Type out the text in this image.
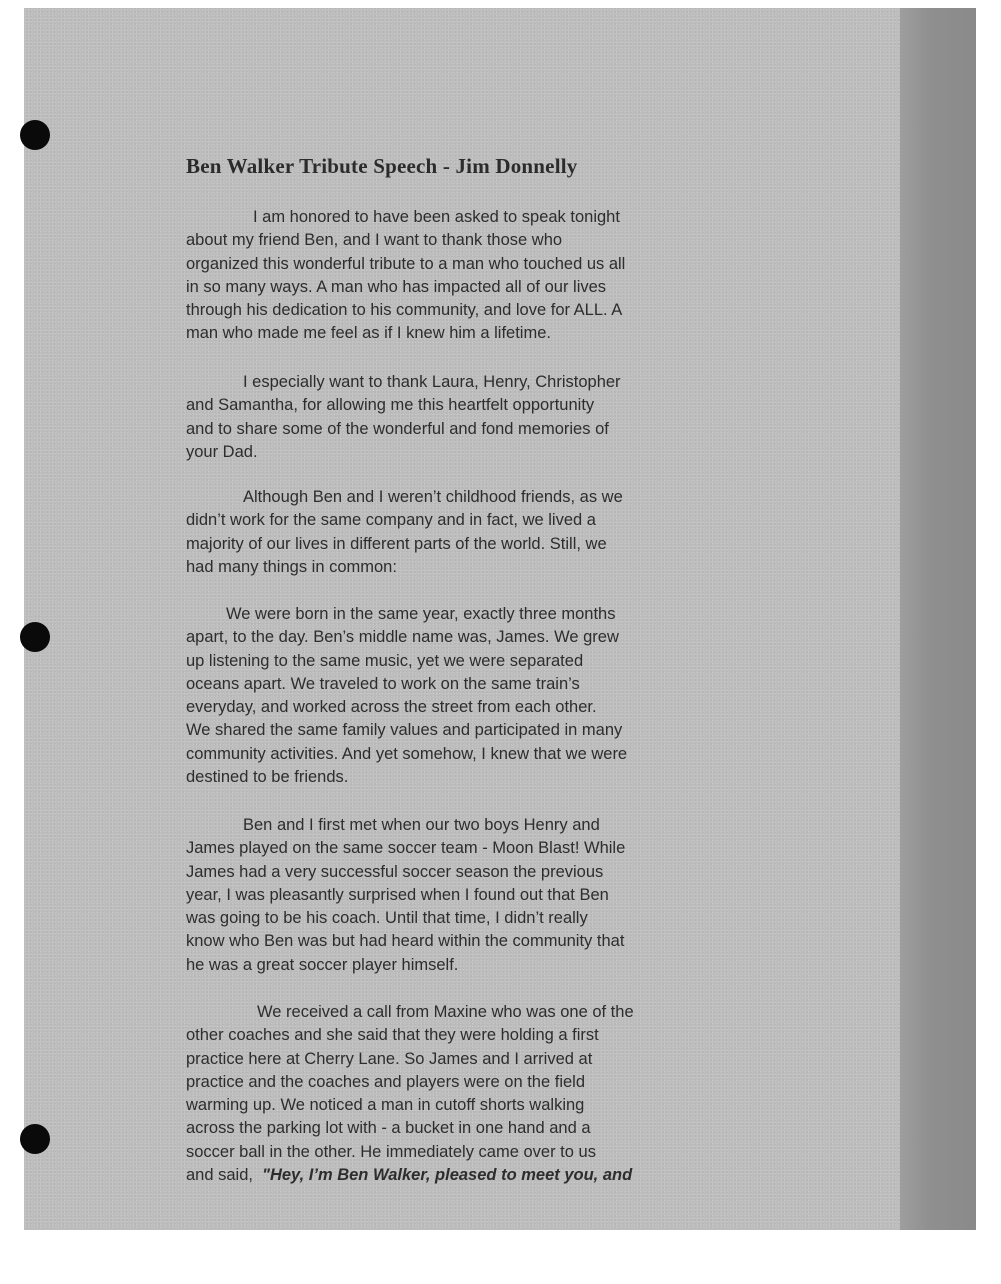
Ben Walker Tribute Speech - Jim Donnelly
I am honored to have been asked to speak tonight
about my friend Ben, and I want to thank those who
organized this wonderful tribute to a man who touched us all
in so many ways. A man who has impacted all of our lives
through his dedication to his community, and love for ALL. A
man who made me feel as if I knew him a lifetime.
I especially want to thank Laura, Henry, Christopher
and Samantha, for allowing me this heartfelt opportunity
and to share some of the wonderful and fond memories of
your Dad.
Although Ben and I weren’t childhood friends, as we
didn’t work for the same company and in fact, we lived a
majority of our lives in different parts of the world. Still, we
had many things in common:
We were born in the same year, exactly three months
apart, to the day. Ben’s middle name was, James. We grew
up listening to the same music, yet we were separated
oceans apart. We traveled to work on the same train’s
everyday, and worked across the street from each other.
We shared the same family values and participated in many
community activities. And yet somehow, I knew that we were
destined to be friends.
Ben and I first met when our two boys Henry and
James played on the same soccer team - Moon Blast! While
James had a very successful soccer season the previous
year, I was pleasantly surprised when I found out that Ben
was going to be his coach. Until that time, I didn’t really
know who Ben was but had heard within the community that
he was a great soccer player himself.
We received a call from Maxine who was one of the
other coaches and she said that they were holding a first
practice here at Cherry Lane. So James and I arrived at
practice and the coaches and players were on the field
warming up. We noticed a man in cutoff shorts walking
across the parking lot with - a bucket in one hand and a
soccer ball in the other. He immediately came over to us
and said,  "Hey, I’m Ben Walker, pleased to meet you, and
